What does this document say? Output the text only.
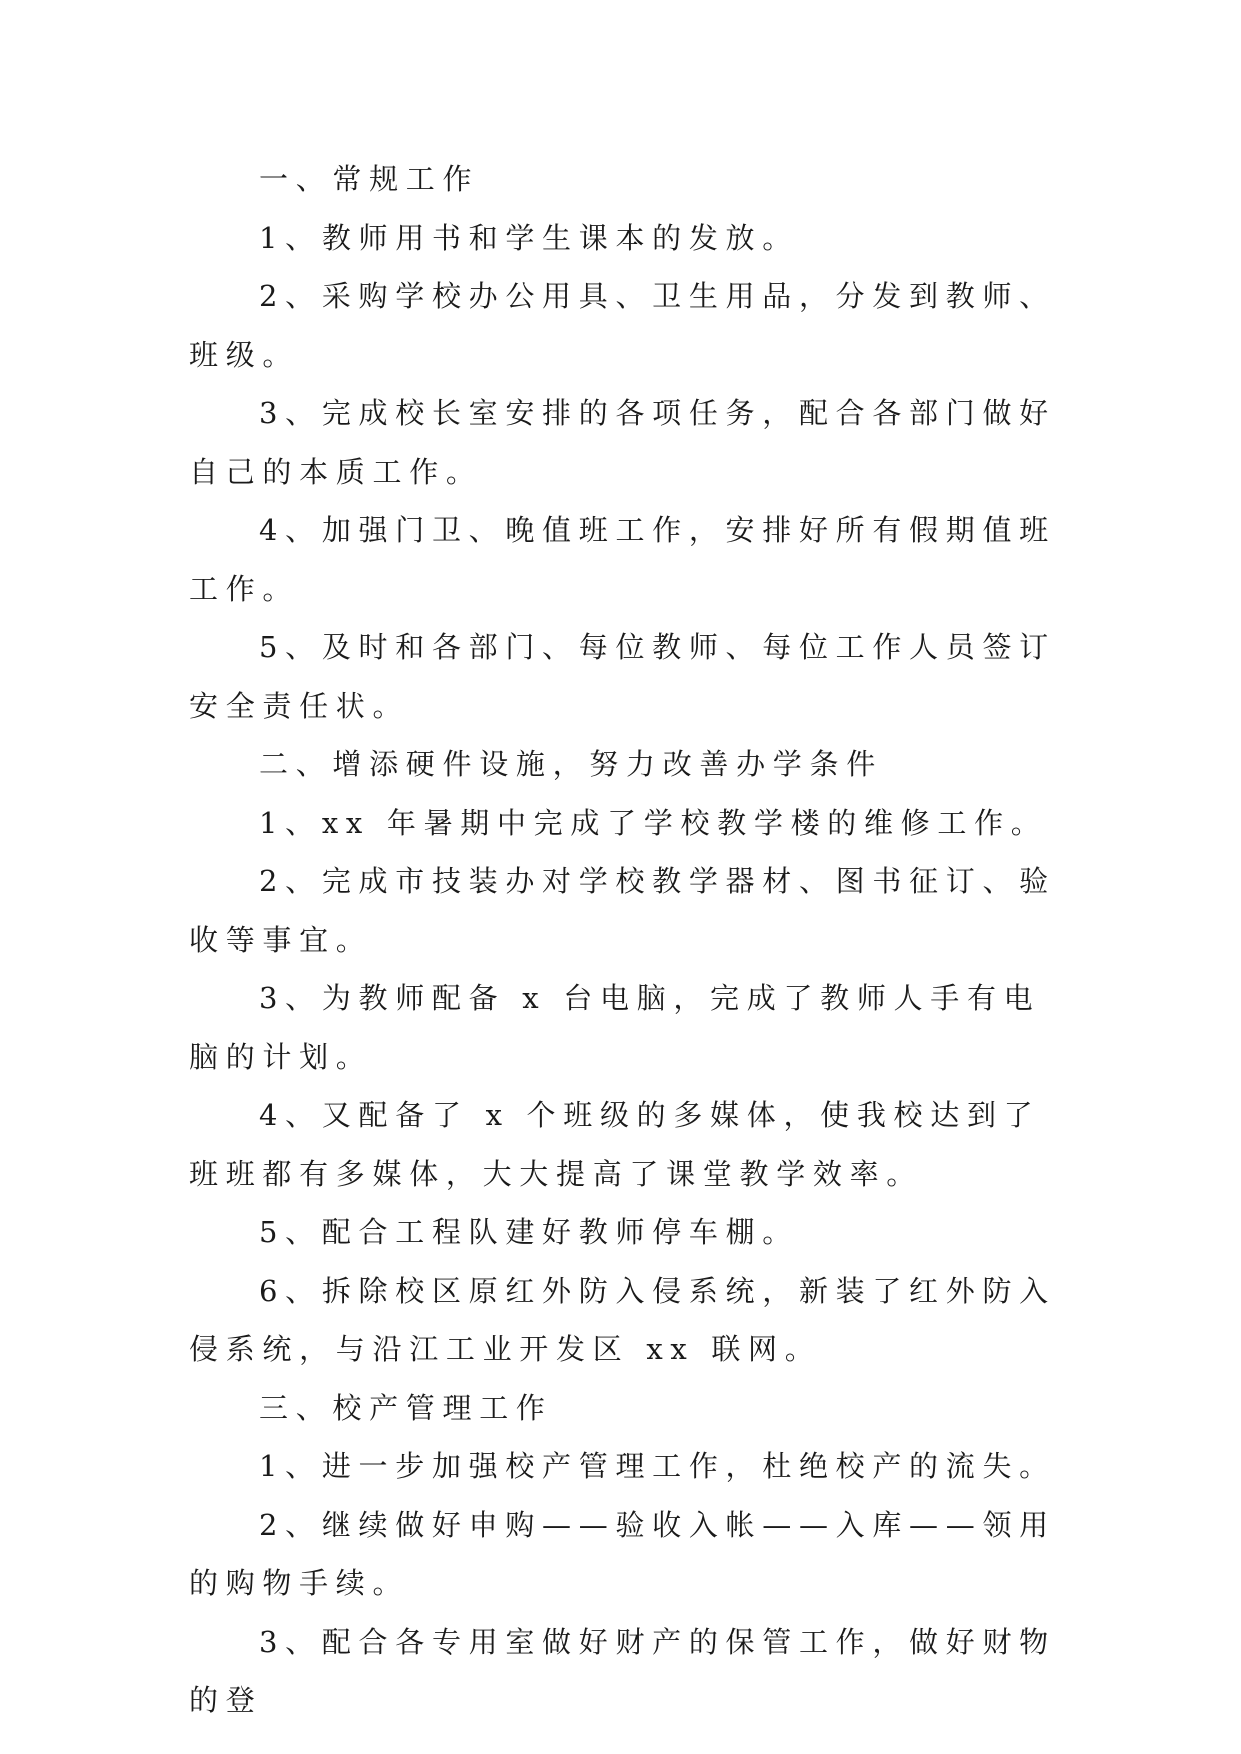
一、常规工作

1、教师用书和学生课本的发放。

2、采购学校办公用具、卫生用品，分发到教师、班级。

3、完成校长室安排的各项任务，配合各部门做好自己的本质工作。

4、加强门卫、晚值班工作，安排好所有假期值班工作。

5、及时和各部门、每位教师、每位工作人员签订安全责任状。

二、增添硬件设施，努力改善办学条件

1、xx 年暑期中完成了学校教学楼的维修工作。

2、完成市技装办对学校教学器材、图书征订、验收等事宜。

3、为教师配备 x 台电脑，完成了教师人手有电脑的计划。

4、又配备了 x 个班级的多媒体，使我校达到了班班都有多媒体，大大提高了课堂教学效率。

5、配合工程队建好教师停车棚。

6、拆除校区原红外防入侵系统，新装了红外防入侵系统，与沿江工业开发区 xx 联网。

三、校产管理工作

1、进一步加强校产管理工作，杜绝校产的流失。

2、继续做好申购——验收入帐——入库——领用的购物手续。

3、配合各专用室做好财产的保管工作，做好财物的登
